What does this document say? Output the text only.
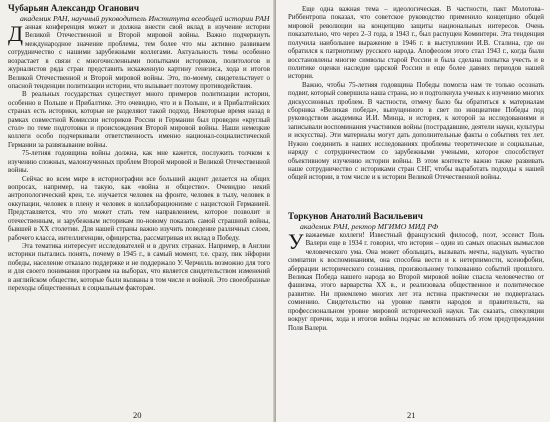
Чубарьян Александр Оганович
академик РАН, научный руководитель Института всеобщей истории РАН

Данная конференция может и должна внести свой вклад в изучение истории Великой Отечественной и Второй мировой войны. Важно подчеркнуть международное значение проблемы, тем более что мы активно развиваем сотрудничество с нашими зарубежными коллегами. Актуальность темы особенно возрастает в связи с многочисленными попытками историков, политологов и журналистов ряда стран представить искаженную картину генезиса, хода и итогов Великой Отечественной и Второй мировой войны. Это, по-моему, свидетельствует о опасной тенденции политизации истории, что вызывает поэтому противодействия.

В реальных государствах существует много примеров политизации истории, особенно в Польше и Прибалтике. Это очевидно, что и в Польше, и в Прибалтийских странах есть историки, которые не разделяют такой подход. Некоторые время назад в рамках совместной Комиссии историков России и Германии был проведен «круглый стол» по теме подготовки и происхождения Второй мировой войны. Наши немецкие коллеги особо подчеркивали ответственность именно национал-социалистической Германии за развязывание войны.

75-летняя годовщина войны должна, как мне кажется, послужить толчком к изучению сложных, малоизученных проблем Второй мировой и Великой Отечественной войны.

Сейчас во всем мире в историографии все больший акцент делается на общих вопросах, например, на такую, как «война и общество». Очевидно некий антропологический крен, т.е. изучается человек на фронте, человек в тылу, человек в оккупации, человек в плену и человек в коллаборационизме с нацистской Германией. Представляется, что это может стать тем направлением, которое позволит и отечественным, и зарубежным историкам по-новому показать самой страшной войны, бывшей в ХХ столетии. Для нашей страны важно изучить поведение различных слоев, рабочего класса, интеллигенции, офицерства, рассматривая их вклад в Победу.

Эта тематика интересует исследователей и в других странах. Например, в Англии историки пытались понять, почему в 1945 г., в самый момент, т.е. сразу, пик эйфории победы, население отказало поддержке и не поддержало У. Черчилль возможно для того и для своего понимания программ на выборах, что является свидетельством изменений в английском обществе, которые были вызваны в том числе и войной. Это своеобразные переходы общественных в социальным факторам.

20

Еще одна важная тема – идеологическая. В частности, пакт Молотова–Риббентропа показал, что советское руководство применило концепцию общей мировой революции на концепцию защиты национальных интересов. Очень показательно, что через 2–3 года, в 1943 г., был распущен Коминтерн. Эта тенденция получила наибольшее выражение в 1946 г. в выступлении И.В. Сталина, где он обратился к патриотизму русского народа. Апофеозом этого стал 1943 г., когда были восстановлены многие символы старой России и была сделана попытка учесть и в политике оценки наследие царской России и еще более давних периодов нашей истории.

Важно, чтобы 75-летняя годовщина Победы помогла нам те только осознать подвиг, который совершила наша страна, но и подтолкнула ученых к изучению многих дискуссионных проблем. В частности, отмечу было бы обратиться к материалам сборника «Великая победа», выпущенного в свет по инициативе Победы под руководством академика И.И. Минца, и история, к которой за исследованиями и записывали воспоминания участников войны (пострадавшие, деятели науки, культуры и искусства). Эти материалы могут дать дополнительные факты о событиях тех лет. Нужно соединить в наших исследованиях проблемы теоретические и социальные, наряду с сотрудничеством со зарубежными учеными, которое способствует объективному изучению истории войны. В этом контексте важно также развивать наше сотрудничество с историками стран СНГ, чтобы выработать подходы к нашей общей истории, в том числе и к истории Великой Отечественной войны.

Торкунов Анатолий Васильевич
академик РАН, ректор МГИМО МИД РФ

Уважаемые коллеги! Известный французский философ, поэт, эссеист Поль Валери еще в 1934 г. говорил, что история – один из самых опасных вымыслов человеческого ума. Она может обольщать, вызывать мечты, надувать чувство симпатии к воспоминаниям, она способна вести и к нетерпимости, ксенофобии, аберрации исторического сознания, произвольному толкованию событий прошлого. Великая Победа нашего народа во Второй мировой войне спасла человечество от фашизма, этого варварства ХХ в., и реализовала общественное и политическое развитие. Ни приемлемо многих лет эта истина практически не подвергалась сомнению. Свидетельство на уровне памяти народов и правительств, на профессиональном уровне мировой исторической науки. Так сказать, спекуляции вокруг причин, хода и итогов войны подчас не вспоминать об этом предупреждении Поля Валери.

21
